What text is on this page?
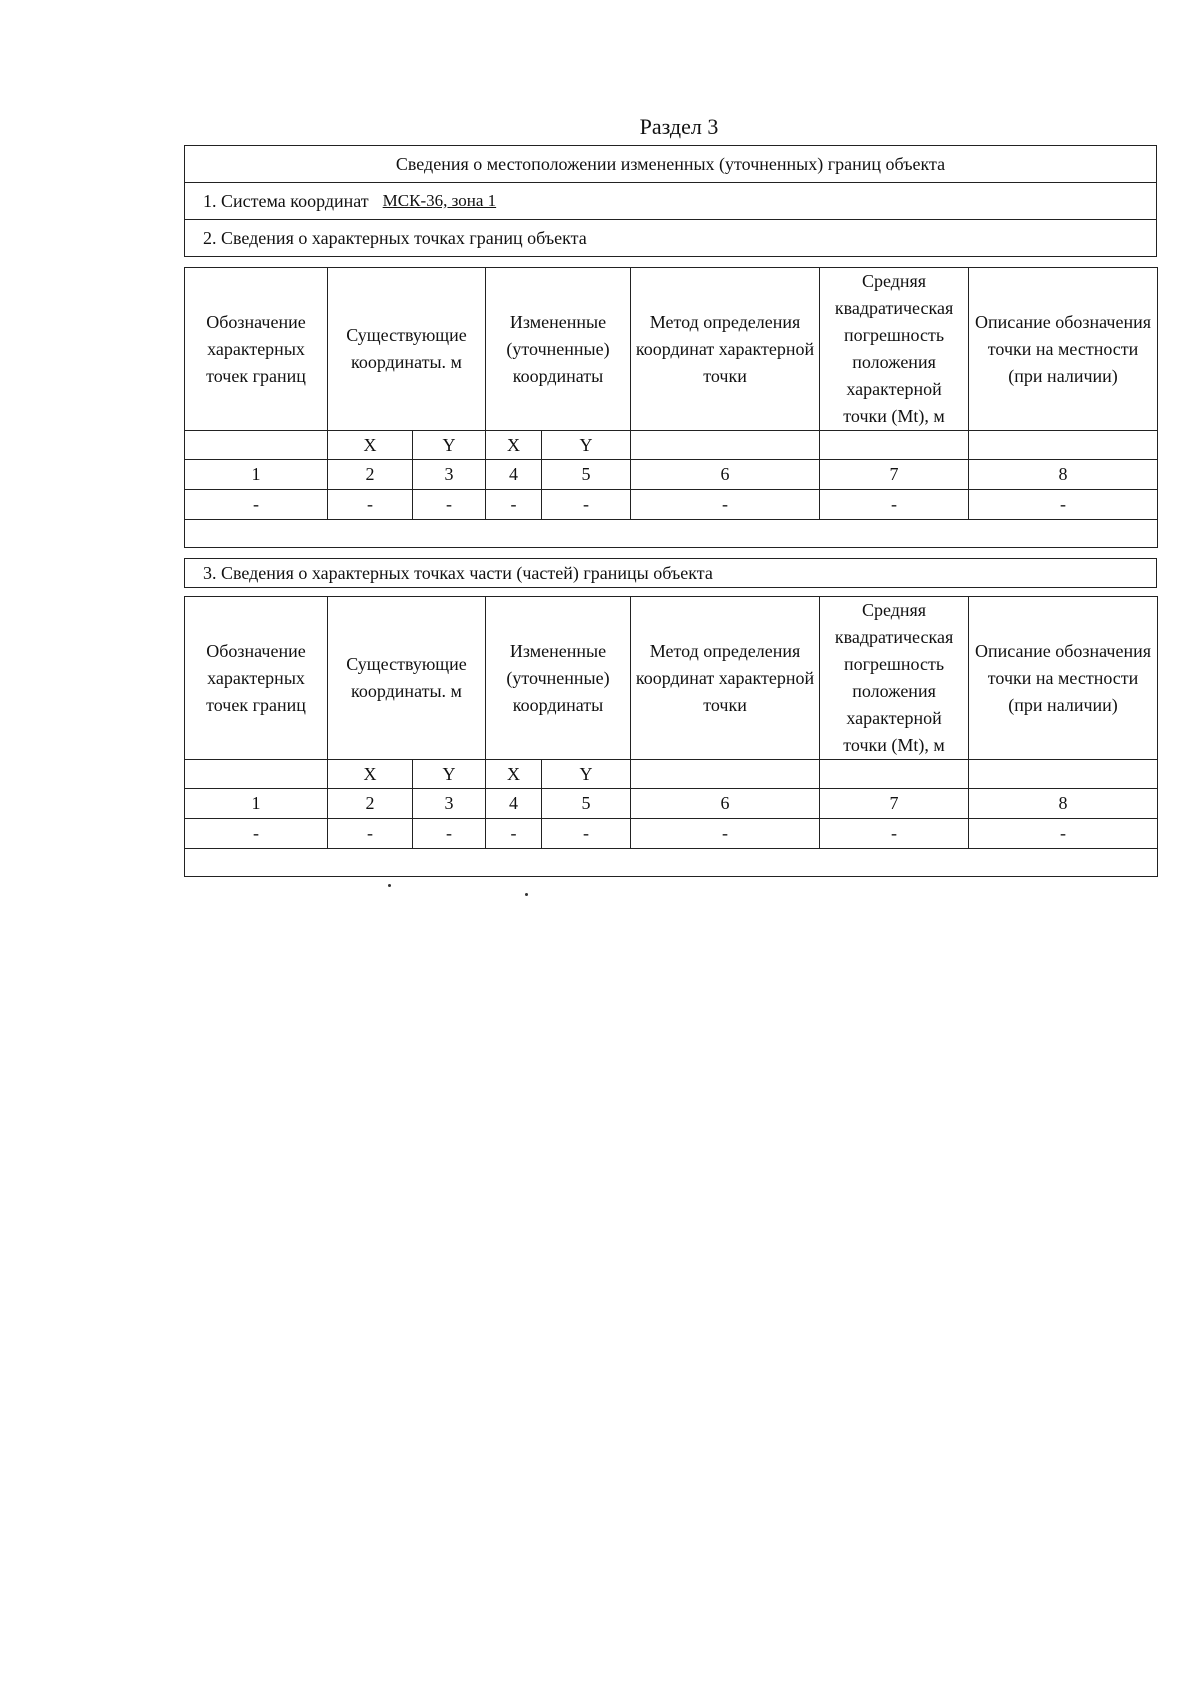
Раздел 3
Сведения о местоположении измененных (уточненных) границ объекта
1. Система координат МСК-36, зона 1
2. Сведения о характерных точках границ объекта
Обозначение характерных точек границ	Существующие координаты. м		Измененные (уточненные) координаты		Метод определения координат характерной точки	Средняя квадратическая погрешность положения характерной точки (Mt), м	Описание обозначения точки на местности (при наличии)
	X	Y	X	Y			
1	2	3	4	5	6	7	8
-	-	-	-	-	-	-	-

3. Сведения о характерных точках части (частей) границы объекта
Обозначение характерных точек границ	Существующие координаты. м		Измененные (уточненные) координаты		Метод определения координат характерной точки	Средняя квадратическая погрешность положения характерной точки (Mt), м	Описание обозначения точки на местности (при наличии)
	X	Y	X	Y			
1	2	3	4	5	6	7	8
-	-	-	-	-	-	-	-
